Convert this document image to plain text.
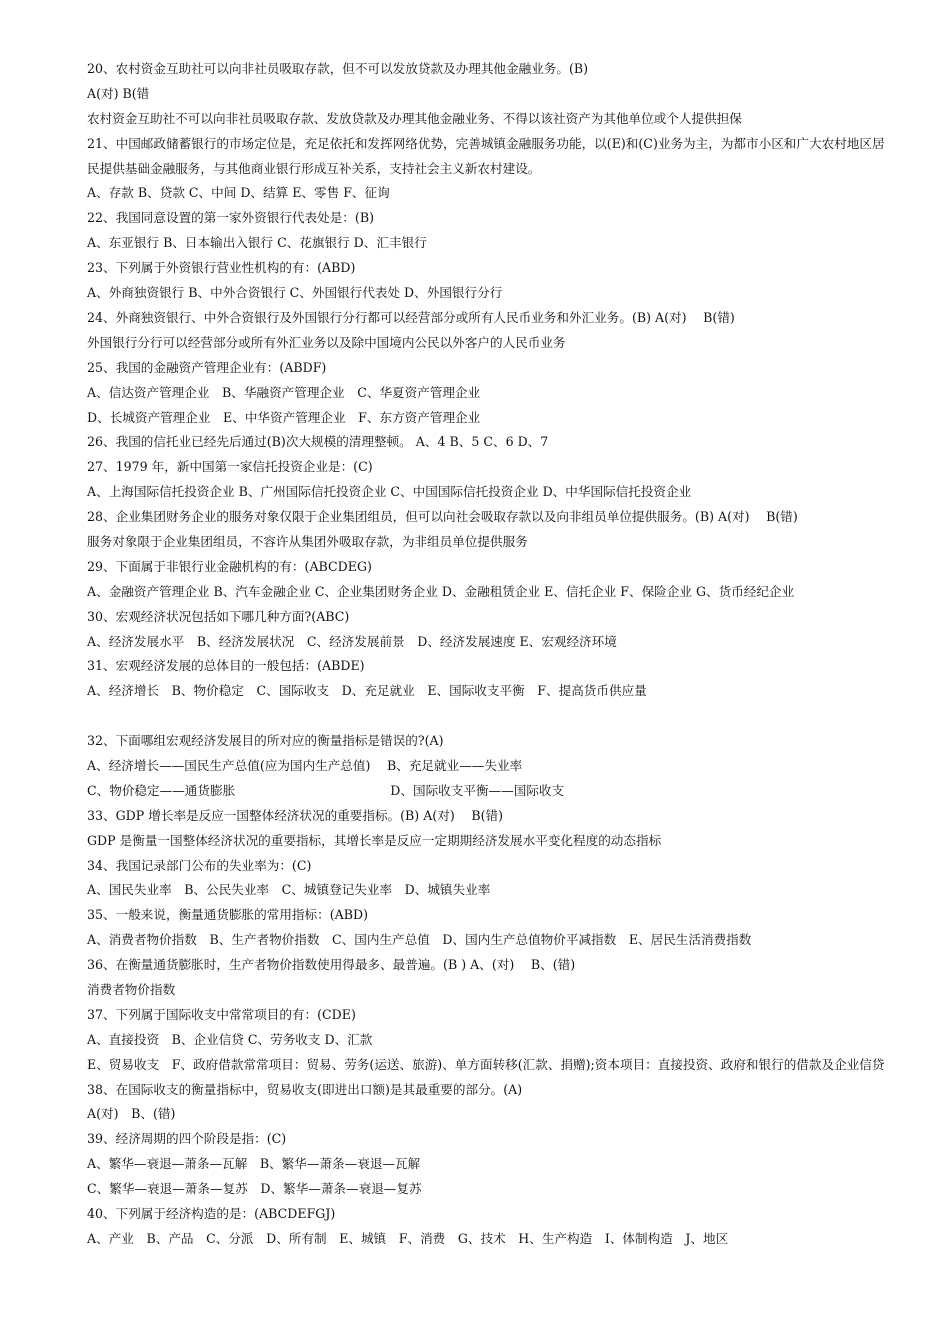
20、农村资金互助社可以向非社员吸取存款，但不可以发放贷款及办理其他金融业务。(B)
A(对) B(错
农村资金互助社不可以向非社员吸取存款、发放贷款及办理其他金融业务、不得以该社资产为其他单位或个人提供担保
21、中国邮政储蓄银行的市场定位是，充足依托和发挥网络优势，完善城镇金融服务功能，以(E)和(C)业务为主，为都市小区和广大农村地区居民提供基础金融服务，与其他商业银行形成互补关系，支持社会主义新农村建设。
A、存款 B、贷款 C、中间 D、结算 E、零售 F、征询
22、我国同意设置的第一家外资银行代表处是：(B)
A、东亚银行 B、日本输出入银行 C、花旗银行 D、汇丰银行
23、下列属于外资银行营业性机构的有：(ABD)
A、外商独资银行 B、中外合资银行 C、外国银行代表处 D、外国银行分行
24、外商独资银行、中外合资银行及外国银行分行都可以经营部分或所有人民币业务和外汇业务。(B) A(对)　 B(错)
外国银行分行可以经营部分或所有外汇业务以及除中国境内公民以外客户的人民币业务
25、我国的金融资产管理企业有：(ABDF)
A、信达资产管理企业　B、华融资产管理企业　C、华夏资产管理企业
D、长城资产管理企业　E、中华资产管理企业　F、东方资产管理企业
26、我国的信托业已经先后通过(B)次大规模的清理整顿。 A、4 B、5 C、6 D、7
27、1979 年，新中国第一家信托投资企业是：(C)
A、上海国际信托投资企业 B、广州国际信托投资企业 C、中国国际信托投资企业 D、中华国际信托投资企业
28、企业集团财务企业的服务对象仅限于企业集团组员，但可以向社会吸取存款以及向非组员单位提供服务。(B) A(对)　 B(错)
服务对象限于企业集团组员，不容许从集团外吸取存款，为非组员单位提供服务
29、下面属于非银行业金融机构的有：(ABCDEG)
A、金融资产管理企业 B、汽车金融企业 C、企业集团财务企业 D、金融租赁企业 E、信托企业 F、保险企业 G、货币经纪企业
30、宏观经济状况包括如下哪几种方面?(ABC)
A、经济发展水平　B、经济发展状况　C、经济发展前景　D、经济发展速度 E、宏观经济环境
31、宏观经济发展的总体目的一般包括：(ABDE)
A、经济增长　B、物价稳定　C、国际收支　D、充足就业　E、国际收支平衡　F、提高货币供应量
32、下面哪组宏观经济发展目的所对应的衡量指标是错误的?(A)
A、经济增长——国民生产总值(应为国内生产总值)　 B、充足就业——失业率
C、物价稳定——通货膨胀　　　　　　　　　　　　 D、国际收支平衡——国际收支
33、GDP 增长率是反应一国整体经济状况的重要指标。(B) A(对)　 B(错)
GDP 是衡量一国整体经济状况的重要指标，其增长率是反应一定期期经济发展水平变化程度的动态指标
34、我国记录部门公布的失业率为：(C)
A、国民失业率　B、公民失业率　C、城镇登记失业率　D、城镇失业率
35、一般来说，衡量通货膨胀的常用指标：(ABD)
A、消费者物价指数　B、生产者物价指数　C、国内生产总值　D、国内生产总值物价平减指数　E、居民生活消费指数
36、在衡量通货膨胀时，生产者物价指数使用得最多、最普遍。(B ) A、(对)　 B、(错)
消费者物价指数
37、下列属于国际收支中常常项目的有：(CDE)
A、直接投资　B、企业信贷 C、劳务收支 D、汇款
E、贸易收支　F、政府借款常常项目：贸易、劳务(运送、旅游)、单方面转移(汇款、捐赠);资本项目：直接投资、政府和银行的借款及企业信贷
38、在国际收支的衡量指标中，贸易收支(即进出口额)是其最重要的部分。(A)
A(对)　B、(错)
39、经济周期的四个阶段是指：(C)
A、繁华—衰退—萧条—瓦解　B、繁华—萧条—衰退—瓦解
C、繁华—衰退—萧条—复苏　D、繁华—萧条—衰退—复苏
40、下列属于经济构造的是：(ABCDEFGJ)
A、产业　B、产品　C、分派　D、所有制　E、城镇　F、消费　G、技术　H、生产构造　I、体制构造　J、地区
